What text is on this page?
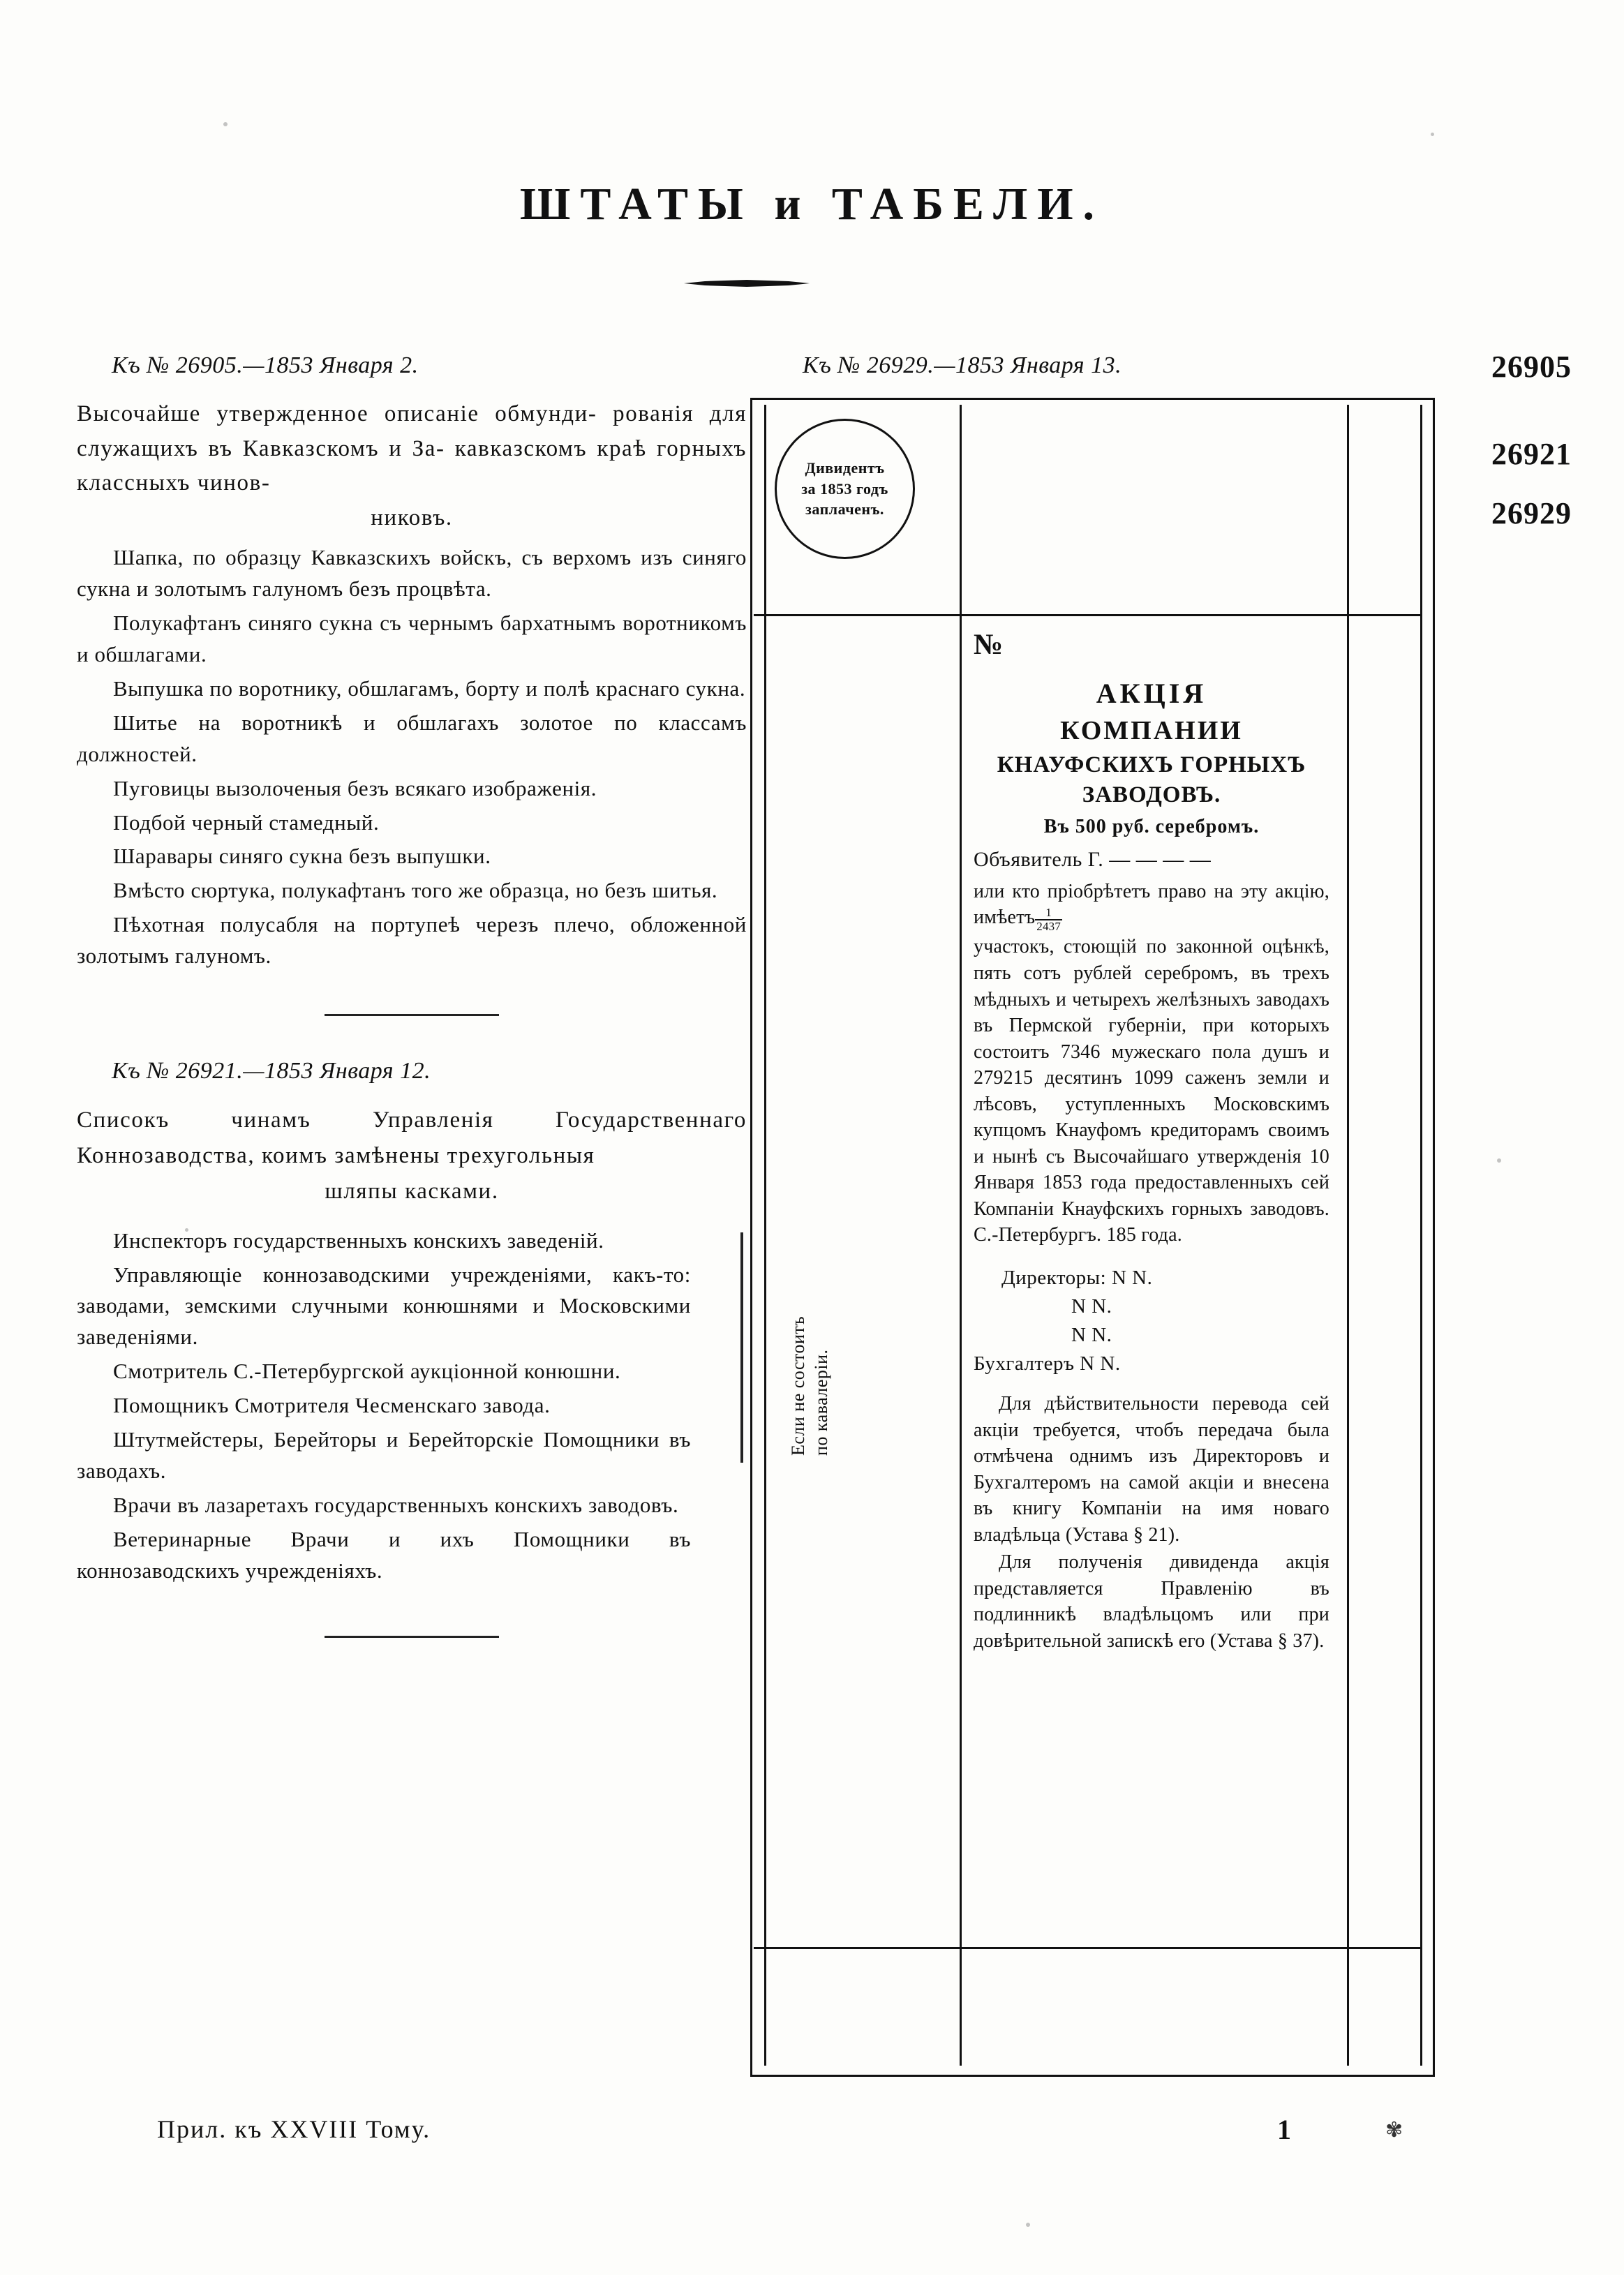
ШТАТЫ и ТАБЕЛИ.
26905
26921
26929
Къ № 26905.—1853 Января 2.
Высочайше утвержденное описаніе обмунди- рованія для служащихъ въ Кавказскомъ и За- кавказскомъ краѣ горныхъ классныхъ чинов-
никовъ.

Шапка, по образцу Кавказскихъ войскъ, съ верхомъ изъ синяго сукна и золотымъ галуномъ безъ процвѣта.

Полукафтанъ синяго сукна съ чернымъ бархатнымъ воротникомъ и обшлагами.

Выпушка по воротнику, обшлагамъ, борту и полѣ краснаго сукна.

Шитье на воротникѣ и обшлагахъ золотое по классамъ должностей.

Пуговицы вызолоченыя безъ всякаго изображенія.

Подбой черный стамедный.

Шаравары синяго сукна безъ выпушки.

Вмѣсто сюртука, полукафтанъ того же образца, но безъ шитья.

Пѣхотная полусабля на портупеѣ черезъ плечо, обложенной золотымъ галуномъ.

Къ № 26921.—1853 Января 12.
Списокъ чинамъ Управленія Государственнаго Коннозаводства, коимъ замѣнены трехугольныя
шляпы касками.

Инспекторъ государственныхъ конскихъ заведеній.

Управляющіе коннозаводскими учрежденіями, какъ-то: заводами, земскими случными конюшнями и Московскими заведеніями.

Смотритель С.-Петербургской аукціонной конюшни.

Помощникъ Смотрителя Чесменскаго завода.

Штутмейстеры, Берейторы и Берейторскіе Помощники въ заводахъ.

Врачи въ лазаретахъ государственныхъ конскихъ заводовъ.

Ветеринарные Врачи и ихъ Помощники въ коннозаводскихъ учрежденіяхъ.

Если не состоитъ по кавалеріи.
Къ № 26929.—1853 Января 13.
Дивидентъ
за 1853 годъ
заплаченъ.
№
АКЦІЯ
КОМПАНИИ
КНАУФСКИХЪ ГОРНЫХЪ
ЗАВОДОВЪ.
Въ 500 руб. серебромъ.
Объявитель Г. — — — —

или кто пріобрѣтетъ право на эту акцію, имѣетъ $\frac{1}{2437}$

участокъ, стоющій по законной оцѣнкѣ, пять сотъ рублей серебромъ, въ трехъ мѣдныхъ и четырехъ желѣзныхъ заводахъ въ Пермской губерніи, при которыхъ состоитъ 7346 мужескаго пола душъ и 279215 десятинъ 1099 саженъ земли и лѣсовъ, уступленныхъ Московскимъ купцомъ Кнауфомъ кредиторамъ своимъ и нынѣ съ Высочайшаго утвержденія 10 Января 1853 года предоставленныхъ сей Компаніи Кнауфскихъ горныхъ заводовъ. С.-Петербургъ. 185 года.

Директоры: N N.
N N.
N N.
Бухгалтеръ N N.

Для дѣйствительности перевода сей акціи требуется, чтобъ передача была отмѣчена однимъ изъ Директоровъ и Бухгалтеромъ на самой акціи и внесена въ книгу Компаніи на имя новаго владѣльца (Устава § 21).

Для полученія дивиденда акція представляется Правленію въ подлинникѣ владѣльцомъ или при довѣрительной запискѣ его (Устава § 37).

Прил. къ XXVIII Тому.	1	✾
